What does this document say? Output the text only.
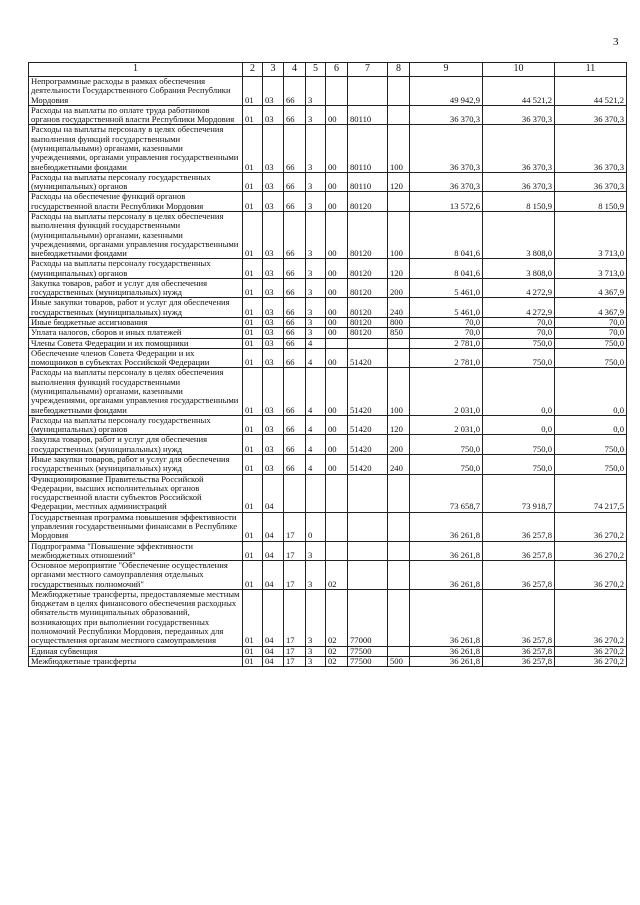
3
1	2	3	4	5	6	7	8	9	10	11
Непрограммные расходы в рамках обеспечения деятельности Государственного Собрания Республики Мордовия	01	03	66	3				49 942,9	44 521,2	44 521,2
Расходы на выплаты по оплате труда работников органов государственной власти Республики Мордовия	01	03	66	3	00	80110		36 370,3	36 370,3	36 370,3
Расходы на выплаты персоналу в целях обеспечения выполнения функций государственными (муниципальными) органами, казенными учреждениями, органами управления государственными внебюджетными фондами	01	03	66	3	00	80110	100	36 370,3	36 370,3	36 370,3
Расходы на выплаты персоналу государственных (муниципальных) органов	01	03	66	3	00	80110	120	36 370,3	36 370,3	36 370,3
Расходы на обеспечение функций органов государственной власти Республики Мордовия	01	03	66	3	00	80120		13 572,6	8 150,9	8 150,9
Расходы на выплаты персоналу в целях обеспечения выполнения функций государственными (муниципальными) органами, казенными учреждениями, органами управления государственными внебюджетными фондами	01	03	66	3	00	80120	100	8 041,6	3 808,0	3 713,0
Расходы на выплаты персоналу государственных (муниципальных) органов	01	03	66	3	00	80120	120	8 041,6	3 808,0	3 713,0
Закупка товаров, работ и услуг для обеспечения государственных (муниципальных) нужд	01	03	66	3	00	80120	200	5 461,0	4 272,9	4 367,9
Иные закупки товаров, работ и услуг для обеспечения государственных (муниципальных) нужд	01	03	66	3	00	80120	240	5 461,0	4 272,9	4 367,9
Иные бюджетные ассигнования	01	03	66	3	00	80120	800	70,0	70,0	70,0
Уплата налогов, сборов и иных платежей	01	03	66	3	00	80120	850	70,0	70,0	70,0
Члены Совета Федерации и их помощники	01	03	66	4				2 781,0	750,0	750,0
Обеспечение членов Совета Федерации и их помощников в субъектах Российской Федерации	01	03	66	4	00	51420		2 781,0	750,0	750,0
Расходы на выплаты персоналу в целях обеспечения выполнения функций государственными (муниципальными) органами, казенными учреждениями, органами управления государственными внебюджетными фондами	01	03	66	4	00	51420	100	2 031,0	0,0	0,0
Расходы на выплаты персоналу государственных (муниципальных) органов	01	03	66	4	00	51420	120	2 031,0	0,0	0,0
Закупка товаров, работ и услуг для обеспечения государственных (муниципальных) нужд	01	03	66	4	00	51420	200	750,0	750,0	750,0
Иные закупки товаров, работ и услуг для обеспечения государственных (муниципальных) нужд	01	03	66	4	00	51420	240	750,0	750,0	750,0
Функционирование Правительства Российской Федерации, высших исполнительных органов государственной власти субъектов Российской Федерации, местных администраций	01	04						73 658,7	73 918,7	74 217,5
Государственная программа повышения эффективности управления государственными финансами в Республике Мордовия	01	04	17	0				36 261,8	36 257,8	36 270,2
Подпрограмма "Повышение эффективности межбюджетных отношений"	01	04	17	3				36 261,8	36 257,8	36 270,2
Основное мероприятие "Обеспечение осуществления органами местного самоуправления отдельных государственных полномочий"	01	04	17	3	02			36 261,8	36 257,8	36 270,2
Межбюджетные трансферты, предоставляемые местным бюджетам в целях финансового обеспечения расходных обязательств муниципальных образований, возникающих при выполнении государственных полномочий Республики Мордовия, переданных для осуществления органам местного самоуправления	01	04	17	3	02	77000		36 261,8	36 257,8	36 270,2
Единая субвенция	01	04	17	3	02	77500		36 261,8	36 257,8	36 270,2
Межбюджетные трансферты	01	04	17	3	02	77500	500	36 261,8	36 257,8	36 270,2
